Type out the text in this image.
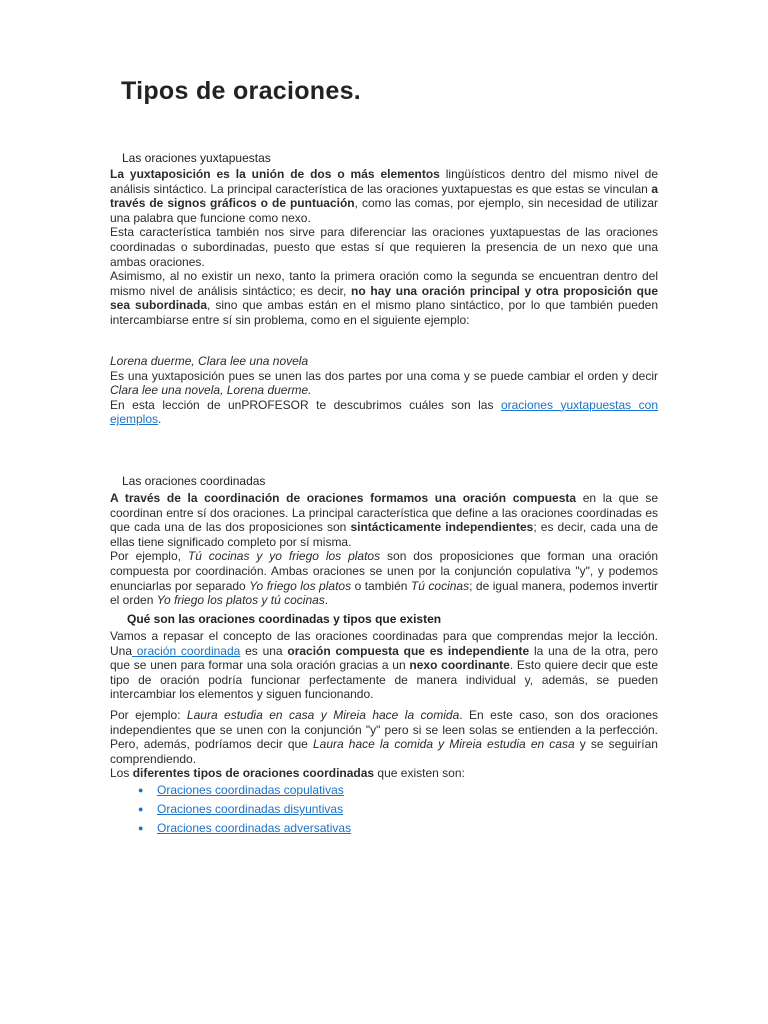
Tipos de oraciones.
Las oraciones yuxtapuestas

La yuxtaposición es la unión de dos o más elementos lingüísticos dentro del mismo nivel de análisis sintáctico. La principal característica de las oraciones yuxtapuestas es que estas se vinculan a través de signos gráficos o de puntuación, como las comas, por ejemplo, sin necesidad de utilizar una palabra que funcione como nexo.

Esta característica también nos sirve para diferenciar las oraciones yuxtapuestas de las oraciones coordinadas o subordinadas, puesto que estas sí que requieren la presencia de un nexo que una ambas oraciones.

Asimismo, al no existir un nexo, tanto la primera oración como la segunda se encuentran dentro del mismo nivel de análisis sintáctico; es decir, no hay una oración principal y otra proposición que sea subordinada, sino que ambas están en el mismo plano sintáctico, por lo que también pueden intercambiarse entre sí sin problema, como en el siguiente ejemplo:

Lorena duerme, Clara lee una novela

Es una yuxtaposición pues se unen las dos partes por una coma y se puede cambiar el orden y decir Clara lee una novela, Lorena duerme.

En esta lección de unPROFESOR te descubrimos cuáles son las oraciones yuxtapuestas con ejemplos.

Las oraciones coordinadas

A través de la coordinación de oraciones formamos una oración compuesta en la que se coordinan entre sí dos oraciones. La principal característica que define a las oraciones coordinadas es que cada una de las dos proposiciones son sintácticamente independientes; es decir, cada una de ellas tiene significado completo por sí misma.

Por ejemplo, Tú cocinas y yo friego los platos son dos proposiciones que forman una oración compuesta por coordinación. Ambas oraciones se unen por la conjunción copulativa "y", y podemos enunciarlas por separado Yo friego los platos o también Tú cocinas; de igual manera, podemos invertir el orden Yo friego los platos y tú cocinas.

Qué son las oraciones coordinadas y tipos que existen

Vamos a repasar el concepto de las oraciones coordinadas para que comprendas mejor la lección. Una oración coordinada es una oración compuesta que es independiente la una de la otra, pero que se unen para formar una sola oración gracias a un nexo coordinante. Esto quiere decir que este tipo de oración podría funcionar perfectamente de manera individual y, además, se pueden intercambiar los elementos y siguen funcionando.

Por ejemplo: Laura estudia en casa y Mireia hace la comida. En este caso, son dos oraciones independientes que se unen con la conjunción "y" pero si se leen solas se entienden a la perfección. Pero, además, podríamos decir que Laura hace la comida y Mireia estudia en casa y se seguirían comprendiendo.

Los diferentes tipos de oraciones coordinadas que existen son:

● Oraciones coordinadas copulativas
● Oraciones coordinadas disyuntivas
● Oraciones coordinadas adversativas
